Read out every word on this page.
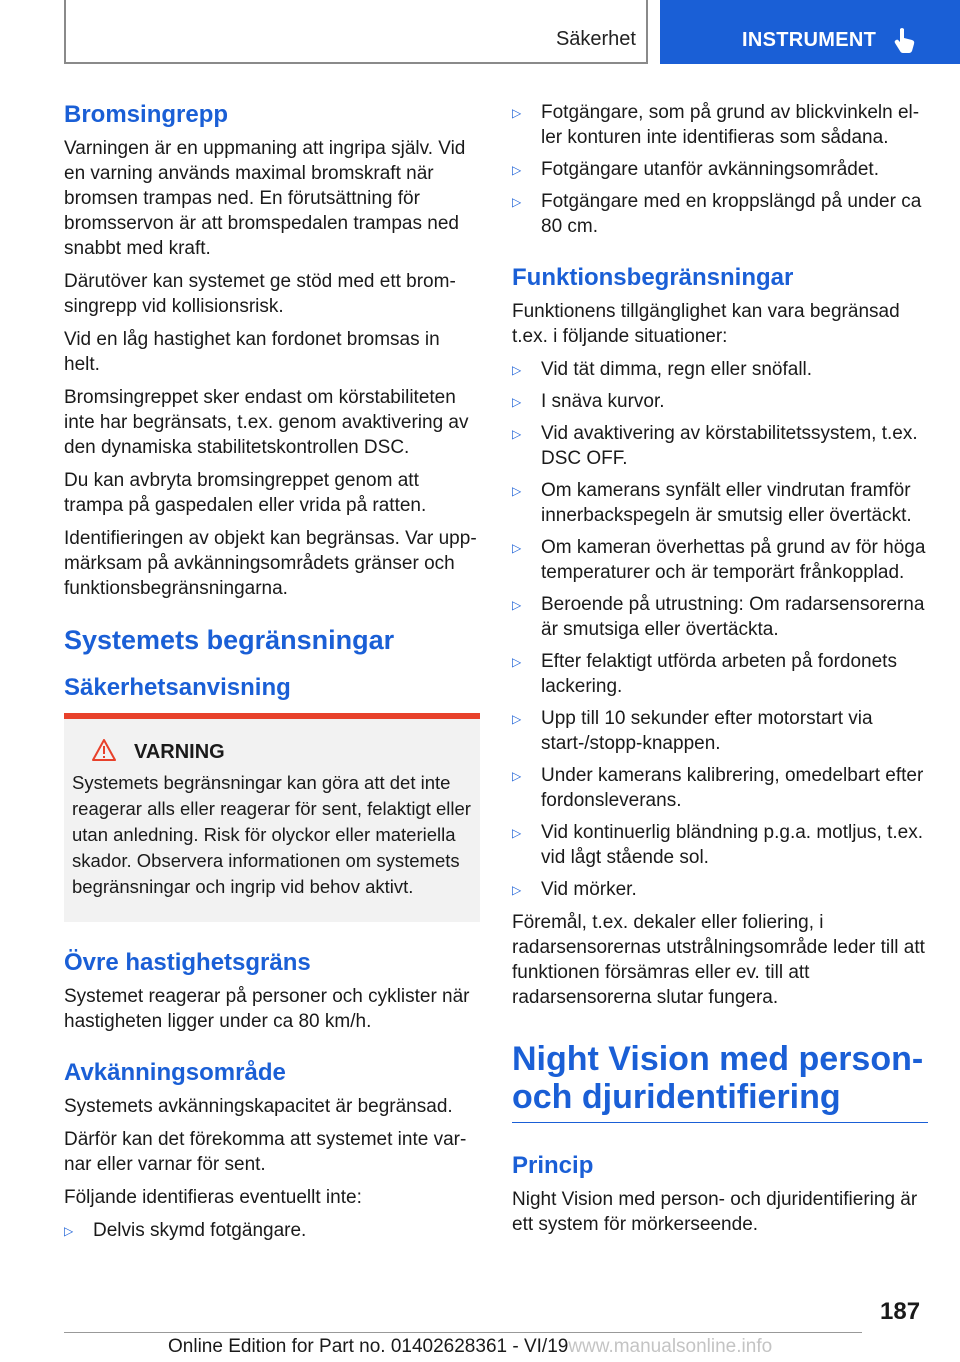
Säkerhet	INSTRUMENT
Bromsingrepp

Varningen är en uppmaning att ingripa själv. Vid en varning används maximal bromskraft när bromsen trampas ned. En förutsättning för bromsservon är att bromspedalen trampas ned snabbt med kraft.

Därutöver kan systemet ge stöd med ett bromsingrepp vid kollisionsrisk.

Vid en låg hastighet kan fordonet bromsas in helt.

Bromsingreppet sker endast om körstabiliteten inte har begränsats, t.ex. genom avaktivering av den dynamiska stabilitetskontrollen DSC.

Du kan avbryta bromsingreppet genom att trampa på gaspedalen eller vrida på ratten.

Identifieringen av objekt kan begränsas. Var uppmärksam på avkänningsområdets gränser och funktionsbegränsningarna.

Systemets begränsningar
Säkerhetsanvisning
VARNING

Systemets begränsningar kan göra att det inte reagerar alls eller reagerar för sent, felaktigt eller utan anledning. Risk för olyckor eller materiella skador. Observera informationen om systemets begränsningar och ingrip vid behov aktivt.

Övre hastighetsgräns

Systemet reagerar på personer och cyklister när hastigheten ligger under ca 80 km/h.

Avkänningsområde

Systemets avkänningskapacitet är begränsad.

Därför kan det förekomma att systemet inte varnar eller varnar för sent.

Följande identifieras eventuellt inte:

▷ Delvis skymd fotgängare.
▷ Fotgängare, som på grund av blickvinkeln eller konturen inte identifieras som sådana.
▷ Fotgängare utanför avkänningsområdet.
▷ Fotgängare med en kroppslängd på under ca 80 cm.
Funktionsbegränsningar

Funktionens tillgänglighet kan vara begränsad t.ex. i följande situationer:

▷ Vid tät dimma, regn eller snöfall.
▷ I snäva kurvor.
▷ Vid avaktivering av körstabilitetssystem, t.ex. DSC OFF.
▷ Om kamerans synfält eller vindrutan framför innerbackspegeln är smutsig eller övertäckt.
▷ Om kameran överhettas på grund av för höga temperaturer och är temporärt frånkopplad.
▷ Beroende på utrustning: Om radarsensorerna är smutsiga eller övertäckta.
▷ Efter felaktigt utförda arbeten på fordonets lackering.
▷ Upp till 10 sekunder efter motorstart via start-/stopp-knappen.
▷ Under kamerans kalibrering, omedelbart efter fordonsleverans.
▷ Vid kontinuerlig bländning p.g.a. motljus, t.ex. vid lågt stående sol.
▷ Vid mörker.

Föremål, t.ex. dekaler eller foliering, i radarsensorernas utstrålningsområde leder till att funktionen försämras eller ev. till att radarsensorerna slutar fungera.

Night Vision med personoch djuridentifiering
Princip

Night Vision med person- och djuridentifiering är ett system för mörkerseende.

187
Online Edition for Part no. 01402628361 - VI/19www.manualsonline.info
